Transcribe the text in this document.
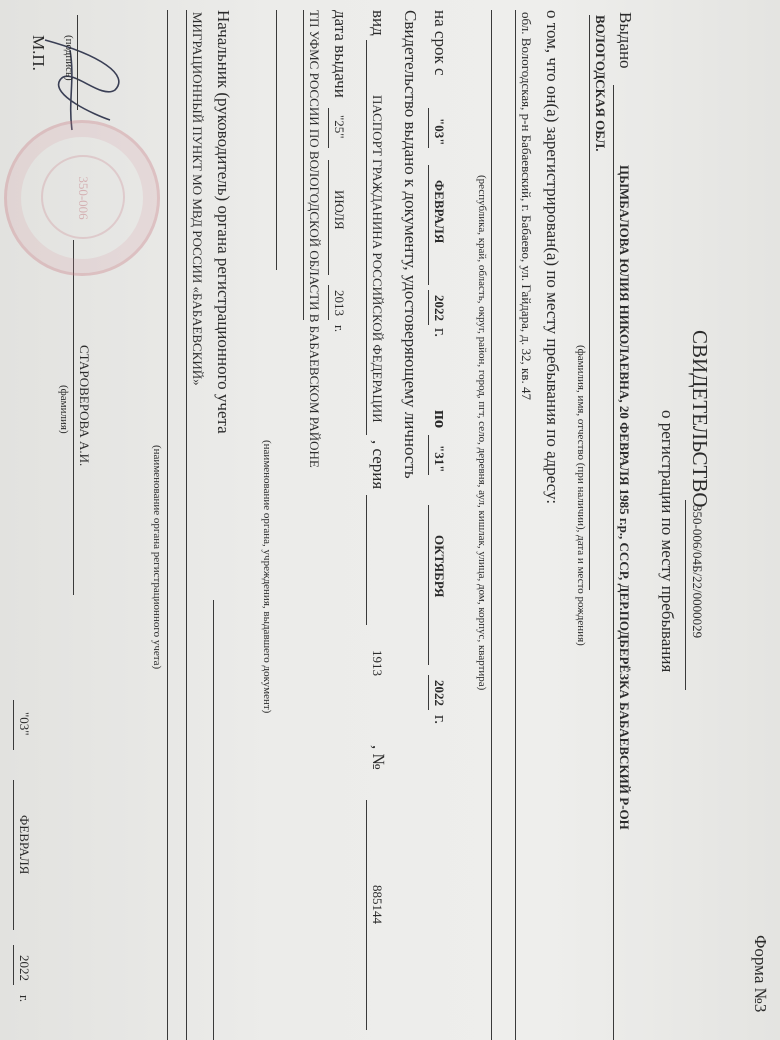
Форма №3
СВИДЕТЕЛЬСТВО
350-006/04Б/22/0000029
о регистрации по месту пребывания
Выдано
ЦЫМБАЛОВА ЮЛИЯ НИКОЛАЕВНА, 20 ФЕВРАЛЯ 1985 г.р., СССР, ДЕР.ПОДБЕРЁЗКА БАБАЕВСКИЙ Р-ОН
ВОЛОГОДСКАЯ ОБЛ.
(фамилия, имя, отчество (при наличии), дата и место рождения)
о том, что он(а) зарегистрирован(а) по месту пребывания по адресу:
обл. Вологодская, р-н Бабаевский, г. Бабаево, ул. Гайдара, д. 32, кв. 47
(республика, край, область, округ, район, город, пгт, село, деревня, аул, кишлак, улица, дом, корпус, квартира)
на срок с
"03"
ФЕВРАЛЯ
2022
г.
по
"31"
ОКТЯБРЯ
2022
г.
Свидетельство выдано к документу, удостоверяющему личность
вид
ПАСПОРТ ГРАЖДАНИНА РОССИЙСКОЙ ФЕДЕРАЦИИ
, серия
1913
, №
885144
дата выдачи
"25"
ИЮЛЯ
2013
г.
ТП УФМС РОССИИ ПО ВОЛОГОДСКОЙ ОБЛАСТИ В БАБАЕВСКОМ РАЙОНЕ
(наименование органа, учреждения, выдавшего документ)
Начальник (руководитель) органа регистрационного учета
МИГРАЦИОННЫЙ ПУНКТ МО МВД РОССИИ «БАБАЕВСКИЙ»
(наименование органа регистрационного учета)
(подпись)
СТАРОВЕРОВА А.И.
(фамилия)
М.П.
350-006
"03"
ФЕВРАЛЯ
2022
г.
